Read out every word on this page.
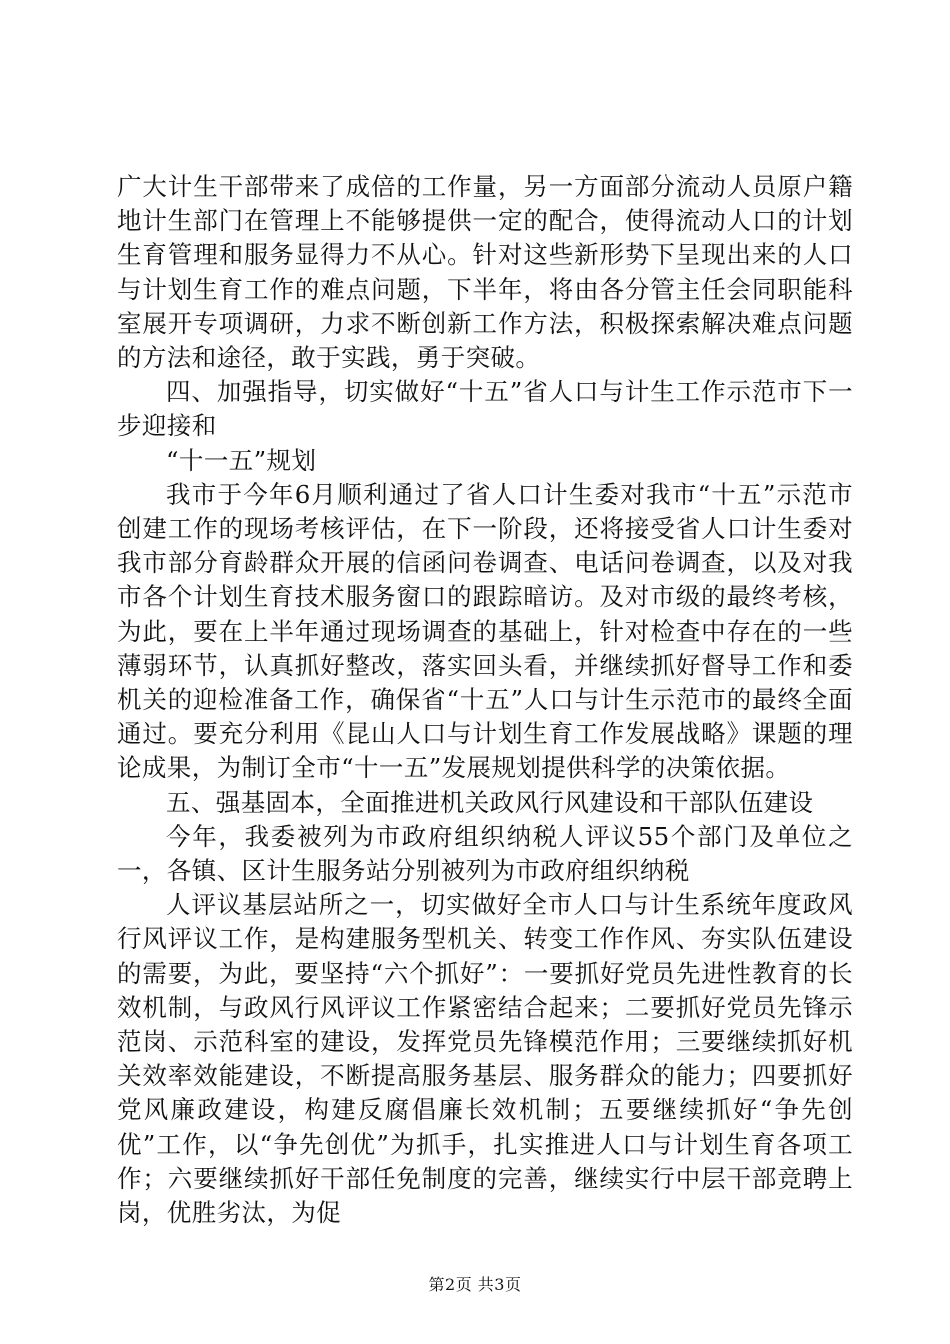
广大计生干部带来了成倍的工作量，另一方面部分流动人员原户籍地计生部门在管理上不能够提供一定的配合，使得流动人口的计划生育管理和服务显得力不从心。针对这些新形势下呈现出来的人口与计划生育工作的难点问题，下半年，将由各分管主任会同职能科室展开专项调研，力求不断创新工作方法，积极探索解决难点问题的方法和途径，敢于实践，勇于突破。

四、加强指导，切实做好“十五”省人口与计生工作示范市下一步迎接和

“十一五”规划

我市于今年6月顺利通过了省人口计生委对我市“十五”示范市创建工作的现场考核评估，在下一阶段，还将接受省人口计生委对我市部分育龄群众开展的信函问卷调查、电话问卷调查，以及对我市各个计划生育技术服务窗口的跟踪暗访。及对市级的最终考核，为此，要在上半年通过现场调查的基础上，针对检查中存在的一些薄弱环节，认真抓好整改，落实回头看，并继续抓好督导工作和委机关的迎检准备工作，确保省“十五”人口与计生示范市的最终全面通过。要充分利用《昆山人口与计划生育工作发展战略》课题的理论成果，为制订全市“十一五”发展规划提供科学的决策依据。

五、强基固本，全面推进机关政风行风建设和干部队伍建设

今年，我委被列为市政府组织纳税人评议55个部门及单位之一，各镇、区计生服务站分别被列为市政府组织纳税

人评议基层站所之一，切实做好全市人口与计生系统年度政风行风评议工作，是构建服务型机关、转变工作作风、夯实队伍建设的需要，为此，要坚持“六个抓好”：一要抓好党员先进性教育的长效机制，与政风行风评议工作紧密结合起来；二要抓好党员先锋示范岗、示范科室的建设，发挥党员先锋模范作用；三要继续抓好机关效率效能建设，不断提高服务基层、服务群众的能力；四要抓好党风廉政建设，构建反腐倡廉长效机制；五要继续抓好“争先创优”工作，以“争先创优”为抓手，扎实推进人口与计划生育各项工作；六要继续抓好干部任免制度的完善，继续实行中层干部竞聘上岗，优胜劣汰，为促

第2页 共3页
